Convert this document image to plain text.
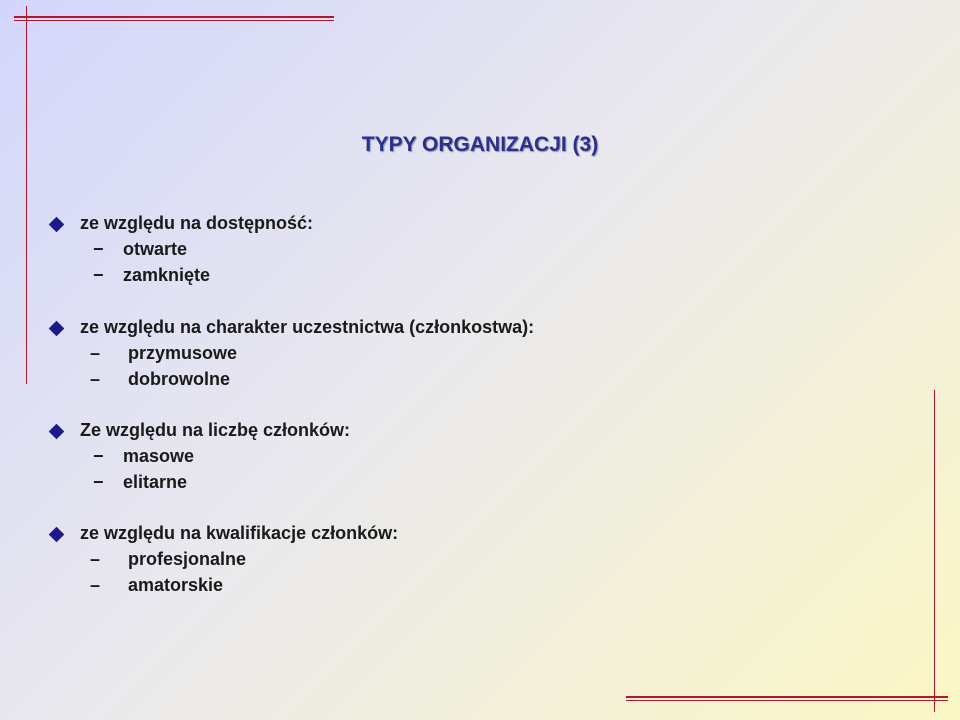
TYPY ORGANIZACJI (3)
ze względu na dostępność:
− otwarte
− zamknięte
ze względu na charakter uczestnictwa (członkostwa):
– przymusowe
– dobrowolne
Ze względu na liczbę członków:
− masowe
− elitarne
ze względu na kwalifikacje członków:
– profesjonalne
– amatorskie
